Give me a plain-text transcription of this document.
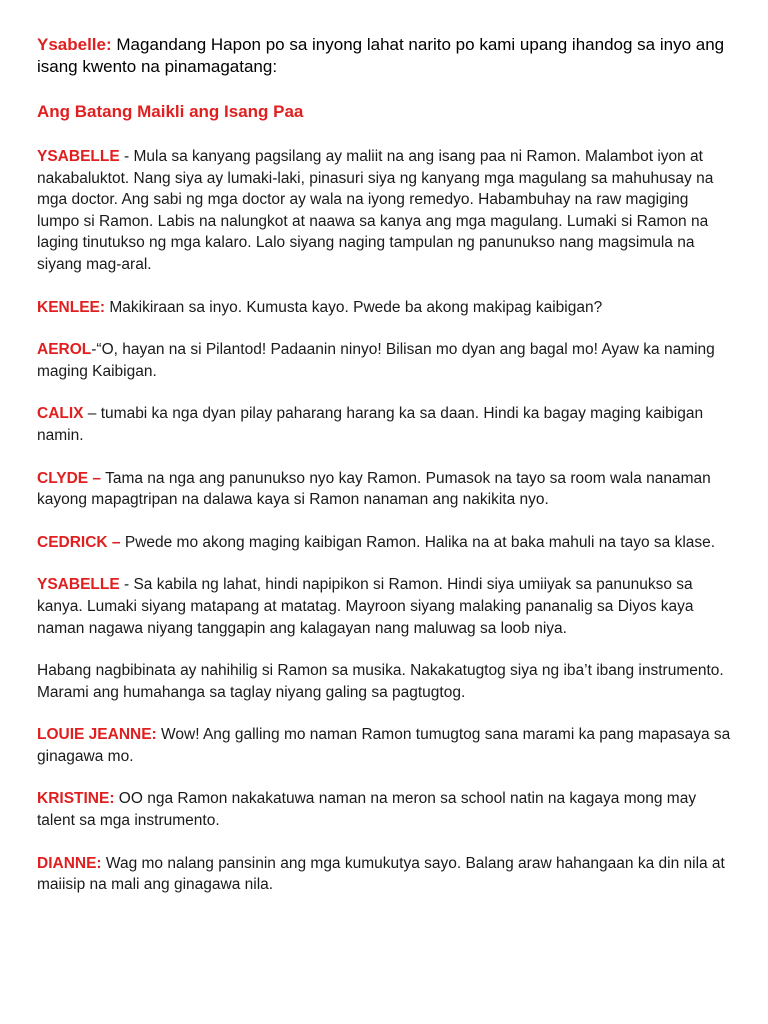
Ysabelle: Magandang Hapon po sa inyong lahat narito po kami upang ihandog sa inyo ang isang kwento na pinamagatang:

Ang Batang Maikli ang Isang Paa

YSABELLE - Mula sa kanyang pagsilang ay maliit na ang isang paa ni Ramon. Malambot iyon at nakabaluktot. Nang siya ay lumaki-laki, pinasuri siya ng kanyang mga magulang sa mahuhusay na mga doctor. Ang sabi ng mga doctor ay wala na iyong remedyo. Habambuhay na raw magiging lumpo si Ramon. Labis na nalungkot at naawa sa kanya ang mga magulang. Lumaki si Ramon na laging tinutukso ng mga kalaro. Lalo siyang naging tampulan ng panunukso nang magsimula na siyang mag-aral.

KENLEE: Makikiraan sa inyo. Kumusta kayo. Pwede ba akong makipag kaibigan?

AEROL-“O, hayan na si Pilantod! Padaanin ninyo! Bilisan mo dyan ang bagal mo! Ayaw ka naming maging Kaibigan.

CALIX – tumabi ka nga dyan pilay paharang harang ka sa daan. Hindi ka bagay maging kaibigan namin.

CLYDE – Tama na nga ang panunukso nyo kay Ramon. Pumasok na tayo sa room wala nanaman kayong mapagtripan na dalawa kaya si Ramon nanaman ang nakikita nyo.

CEDRICK – Pwede mo akong maging kaibigan Ramon. Halika na at baka mahuli na tayo sa klase.

YSABELLE - Sa kabila ng lahat, hindi napipikon si Ramon. Hindi siya umiiyak sa panunukso sa kanya. Lumaki siyang matapang at matatag. Mayroon siyang malaking pananalig sa Diyos kaya naman nagawa niyang tanggapin ang kalagayan nang maluwag sa loob niya.

Habang nagbibinata ay nahihilig si Ramon sa musika. Nakakatugtog siya ng iba’t ibang instrumento. Marami ang humahanga sa taglay niyang galing sa pagtugtog.

LOUIE JEANNE: Wow! Ang galling mo naman Ramon tumugtog sana marami ka pang mapasaya sa ginagawa mo.

KRISTINE: OO nga Ramon nakakatuwa naman na meron sa school natin na kagaya mong may talent sa mga instrumento.

DIANNE: Wag mo nalang pansinin ang mga kumukutya sayo. Balang araw hahangaan ka din nila at maiisip na mali ang ginagawa nila.
